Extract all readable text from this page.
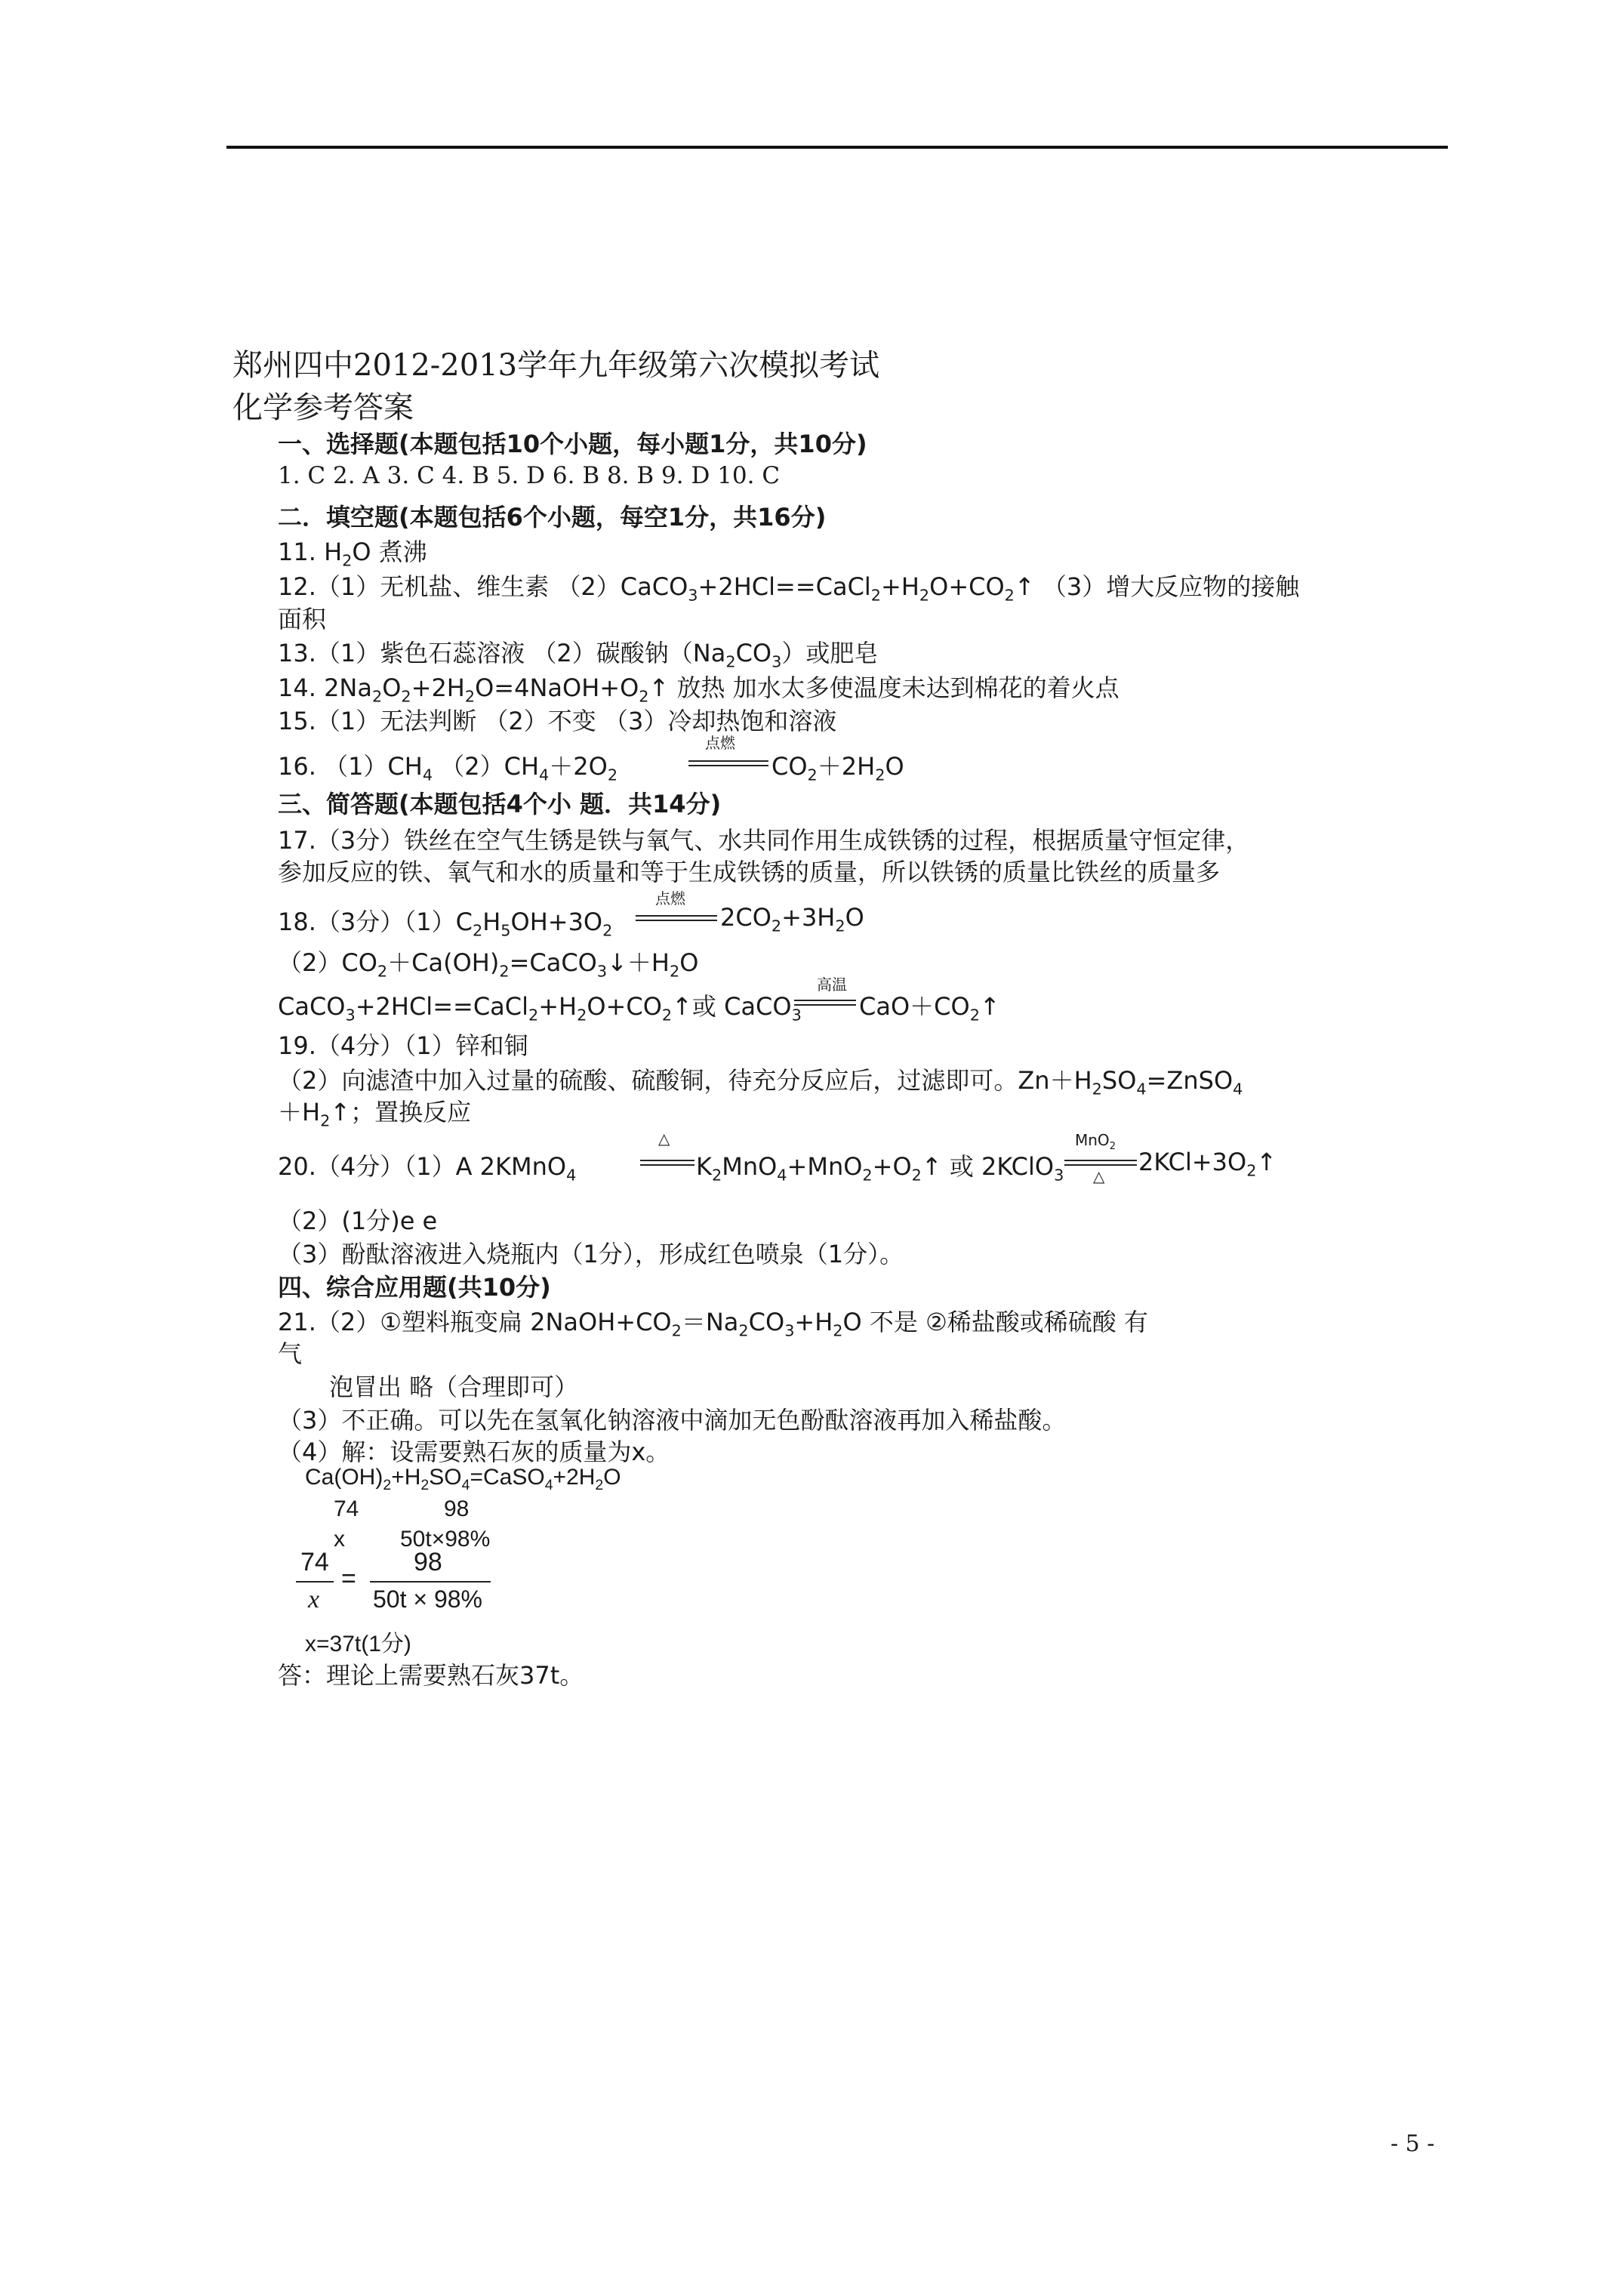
郑州四中2012-2013学年九年级第六次模拟考试
化学参考答案
一、选择题(本题包括10个小题，每小题1分，共10分)
1. C 2. A 3. C 4. B 5. D 6. B 8. B 9. D 10. C
二．填空题(本题包括6个小题，每空1分，共16分)
11. $H_2O$ 煮沸
12.（1）无机盐、维生素 $(2)CaCO_3+2HCl==CaCl_2+H_2O+CO_2↑$ （3）增大反应物的接触
面积
13.（1）紫色石蕊溶液 （2）碳酸钠$(Na_2CO_3)$或肥皂
14. $2Na_2O_2+2H_2O=4NaOH+O_2↑$ 放热 加水太多使温度未达到棉花的着火点
15.（1）无法判断 （2）不变 （3）冷却热饱和溶液
16. $(1)CH_4$ $(2)CH_4+2O_2$
点燃
$CO_2+2H_2O$
三、简答题(本题包括4个小 题．共14分)
17.（3分）铁丝在空气生锈是铁与氧气、水共同作用生成铁锈的过程，根据质量守恒定律，
参加反应的铁、氧气和水的质量和等于生成铁锈的质量，所以铁锈的质量比铁丝的质量多
18.（3分）$(1)C_2H_5OH+3O_2$
点燃
$2CO_2+3H_2O$
$(2)CO_2+Ca(OH)_2=CaCO_3↓+H_2O$
$CaCO_3+2HCl==CaCl_2+H_2O+CO_2↑$或 CaCO$_3$
高温
$CaO+CO_2↑$
19.（4分）（1）锌和铜
（2）向滤渣中加入过量的硫酸、硫酸铜，待充分反应后，过滤即可。$Zn+H_2SO_4=ZnSO_4$
$+H_2↑$；置换反应
20.（4分）（1）A 2KMnO$_4$
△
$K_2MnO_4+MnO_2+O_2↑$ 或 2KClO$_3$
MnO$_2$
△ $2KCl+3O_2↑$
（2）(1分)e e
（3）酚酞溶液进入烧瓶内（1分），形成红色喷泉（1分）。
四、综合应用题(共10分)
21.（2）①塑料瓶变扁 $2NaOH+CO_2=Na_2CO_3+H_2O$ 不是 ②稀盐酸或稀硫酸 有
气
泡冒出 略（合理即可）
（3）不正确。可以先在氢氧化钠溶液中滴加无色酚酞溶液再加入稀盐酸。
（4）解：设需要熟石灰的质量为x。
$Ca(OH)_2+H_2SO_4=CaSO_4+2H_2O$
74	98
x 50t×98%
74
x
=
98
50t × 98%
x=37t(1分)
答：理论上需要熟石灰37t。
- 5 -
